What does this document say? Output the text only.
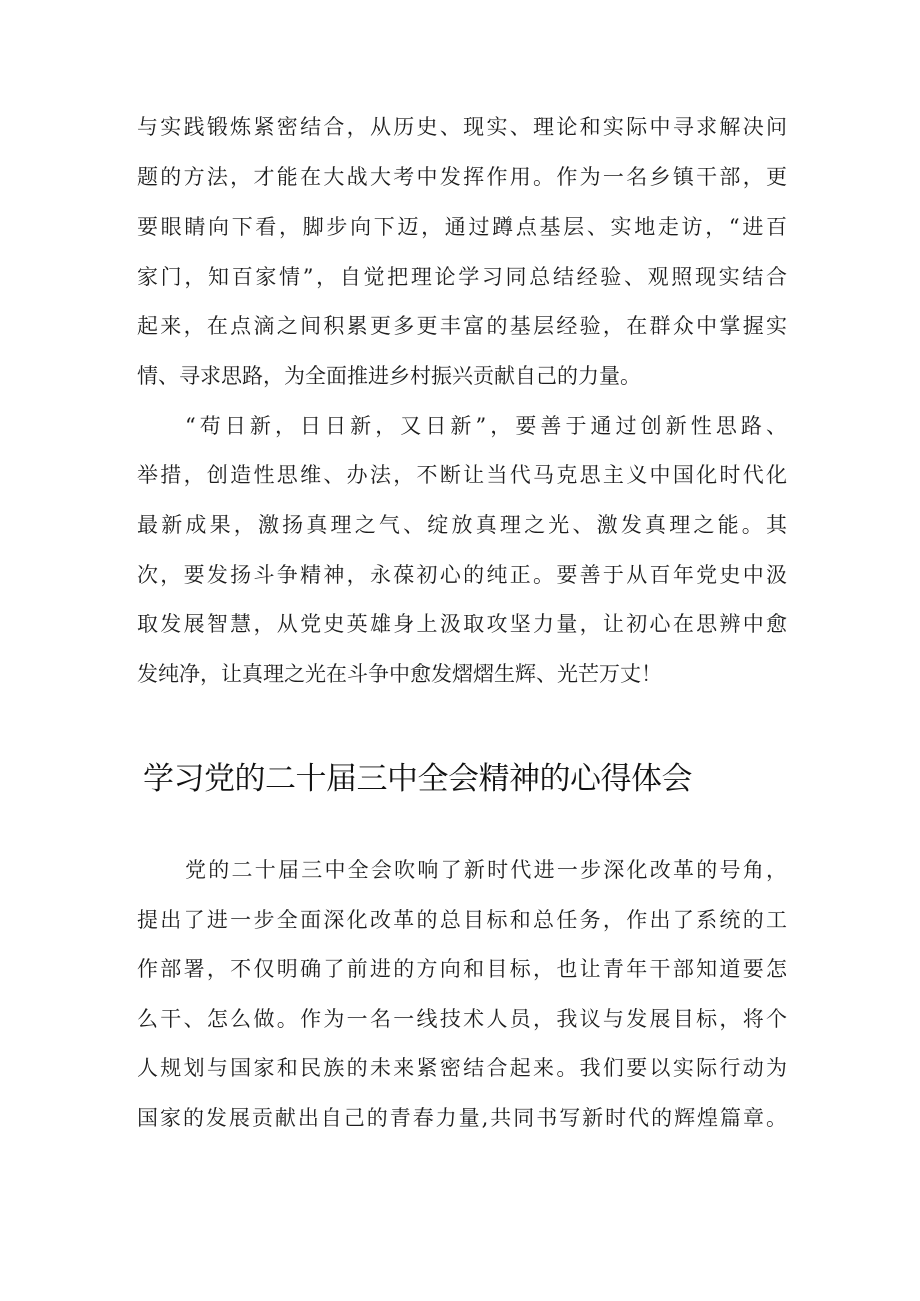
与实践锻炼紧密结合，从历史、现实、理论和实际中寻求解决问
题的方法，才能在大战大考中发挥作用。作为一名乡镇干部，更
要眼睛向下看，脚步向下迈，通过蹲点基层、实地走访，“进百
家门，知百家情”，自觉把理论学习同总结经验、观照现实结合
起来，在点滴之间积累更多更丰富的基层经验，在群众中掌握实
情、寻求思路，为全面推进乡村振兴贡献自己的力量。
“苟日新，日日新，又日新”，要善于通过创新性思路、
举措，创造性思维、办法，不断让当代马克思主义中国化时代化
最新成果，激扬真理之气、绽放真理之光、激发真理之能。其
次，要发扬斗争精神，永葆初心的纯正。要善于从百年党史中汲
取发展智慧，从党史英雄身上汲取攻坚力量，让初心在思辨中愈
发纯净，让真理之光在斗争中愈发熠熠生辉、光芒万丈！
学习党的二十届三中全会精神的心得体会
党的二十届三中全会吹响了新时代进一步深化改革的号角，
提出了进一步全面深化改革的总目标和总任务，作出了系统的工
作部署，不仅明确了前进的方向和目标，也让青年干部知道要怎
么干、怎么做。作为一名一线技术人员，我议与发展目标，将个
人规划与国家和民族的未来紧密结合起来。我们要以实际行动为
国家的发展贡献出自己的青春力量,共同书写新时代的辉煌篇章。
